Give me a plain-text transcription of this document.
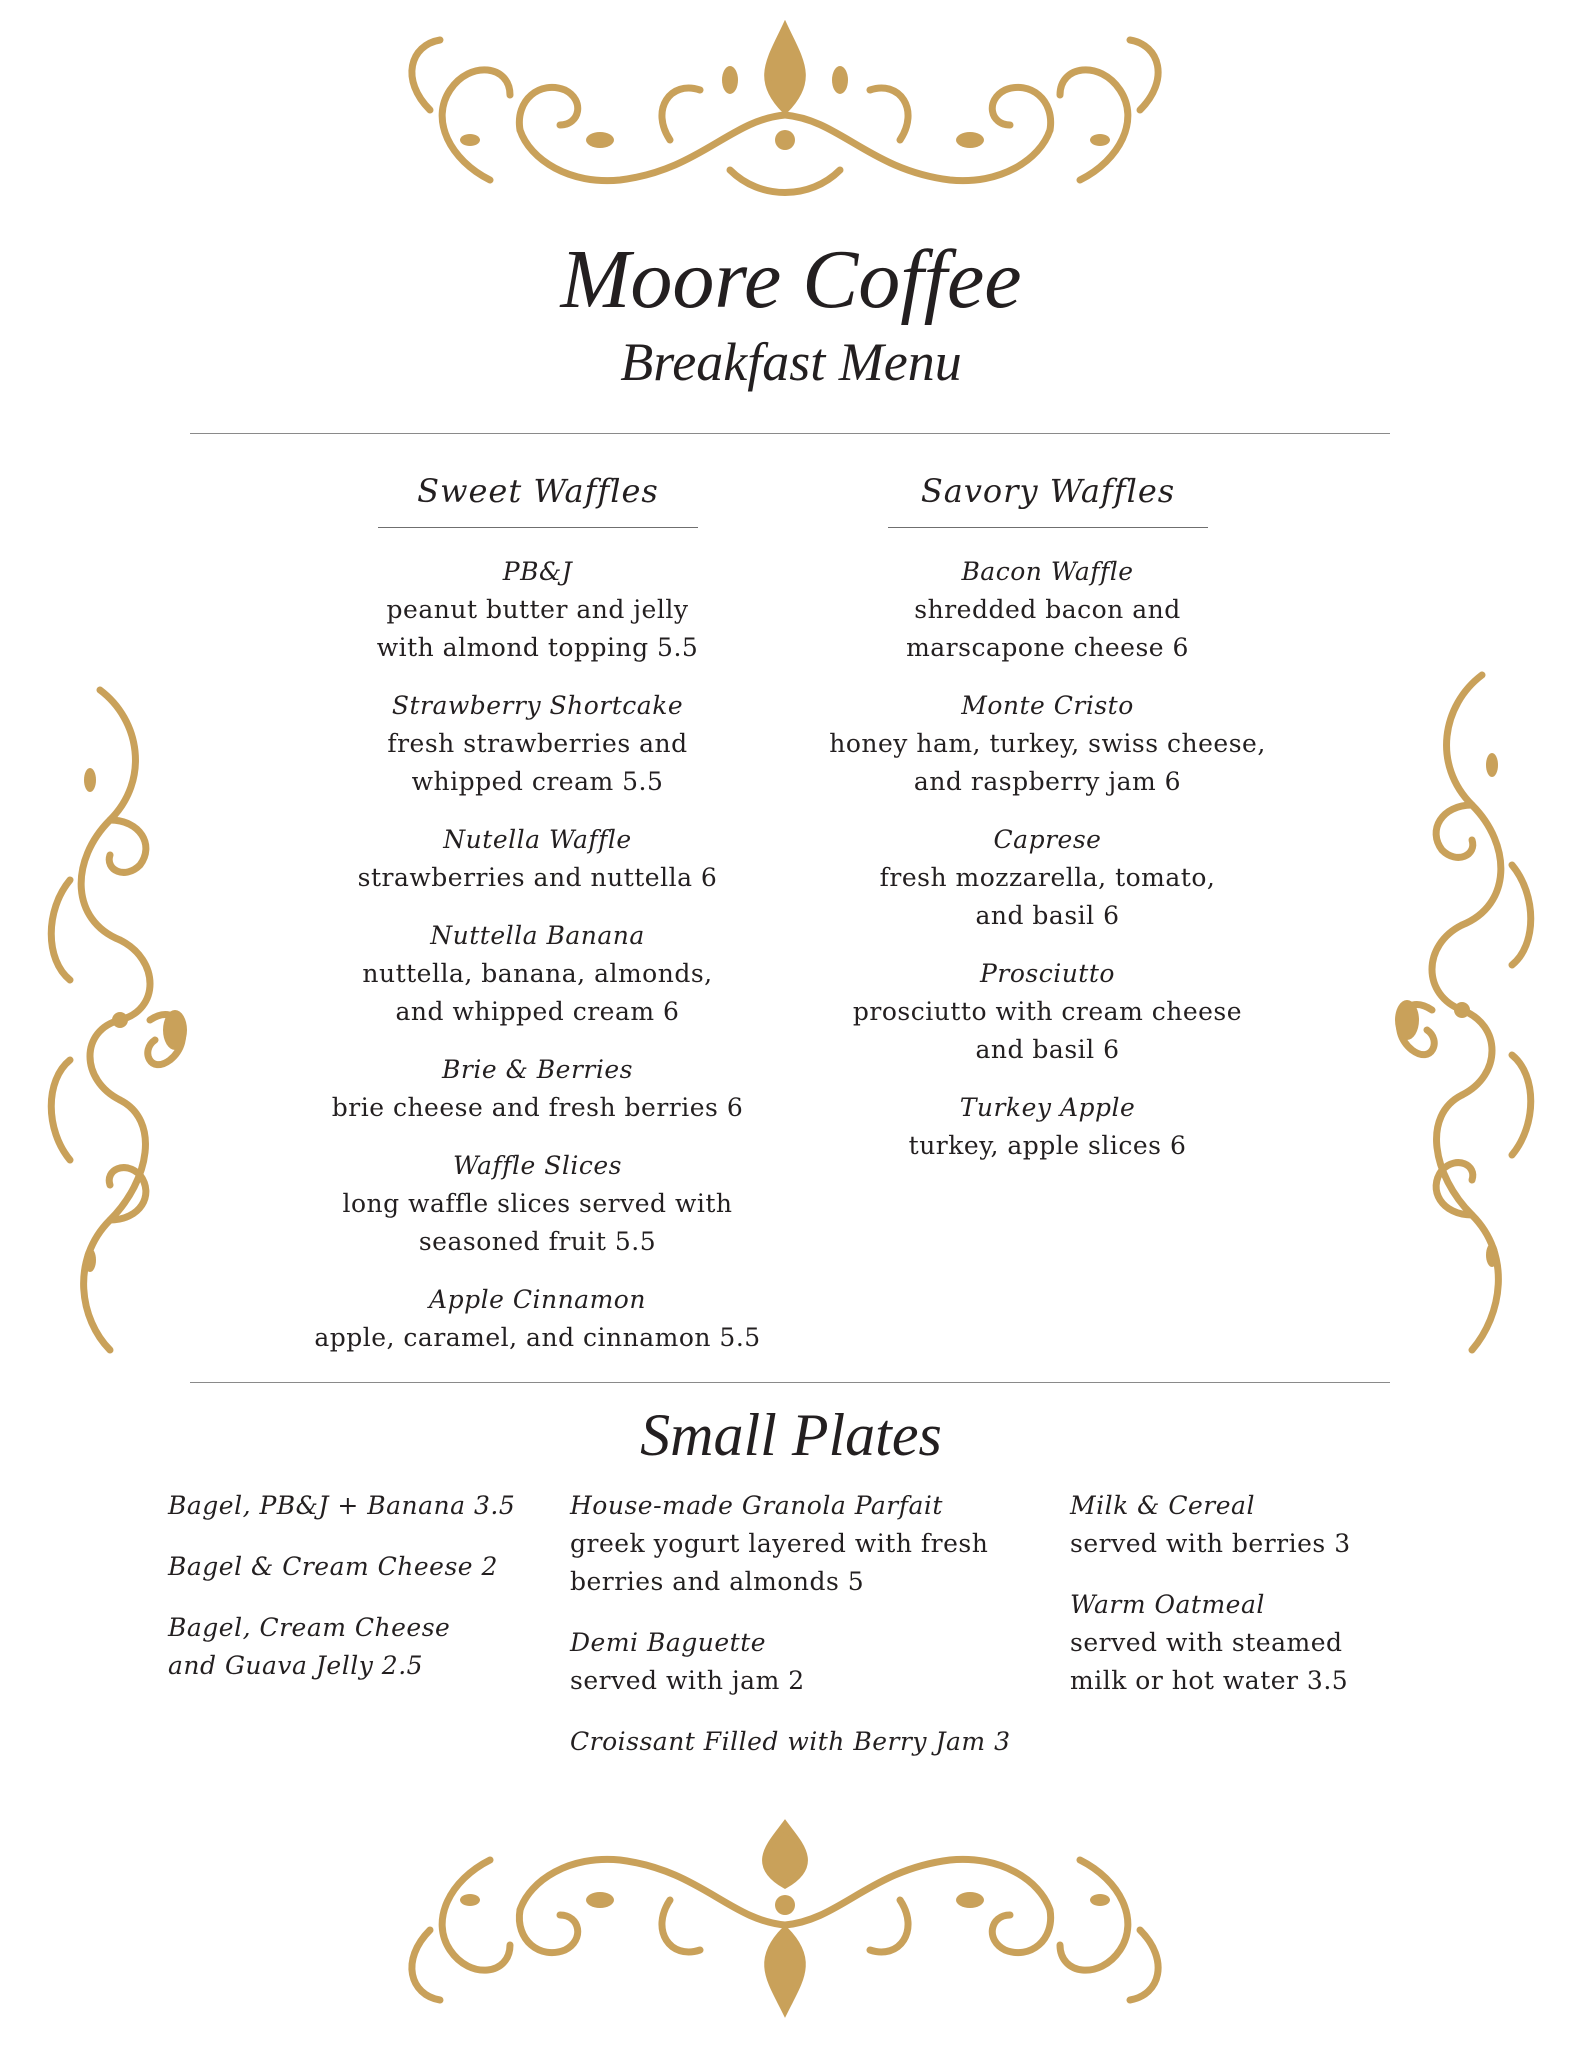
Moore Coffee
Breakfast Menu
Sweet Waffles
PB&J
peanut butter and jelly
with almond topping 5.5
Strawberry Shortcake
fresh strawberries and
whipped cream 5.5
Nutella Waffle
strawberries and nuttella 6
Nuttella Banana
nuttella, banana, almonds,
and whipped cream 6
Brie & Berries
brie cheese and fresh berries 6
Waffle Slices
long waffle slices served with
seasoned fruit 5.5
Apple Cinnamon
apple, caramel, and cinnamon 5.5
Savory Waffles
Bacon Waffle
shredded bacon and
marscapone cheese 6
Monte Cristo
honey ham, turkey, swiss cheese,
and raspberry jam 6
Caprese
fresh mozzarella, tomato,
and basil 6
Prosciutto
prosciutto with cream cheese
and basil 6
Turkey Apple
turkey, apple slices 6
Small Plates
Bagel, PB&J + Banana 3.5
Bagel & Cream Cheese 2
Bagel, Cream Cheese
and Guava Jelly 2.5
House-made Granola Parfait
greek yogurt layered with fresh
berries and almonds 5
Demi Baguette
served with jam 2
Croissant Filled with Berry Jam 3
Milk & Cereal
served with berries 3
Warm Oatmeal
served with steamed
milk or hot water 3.5
